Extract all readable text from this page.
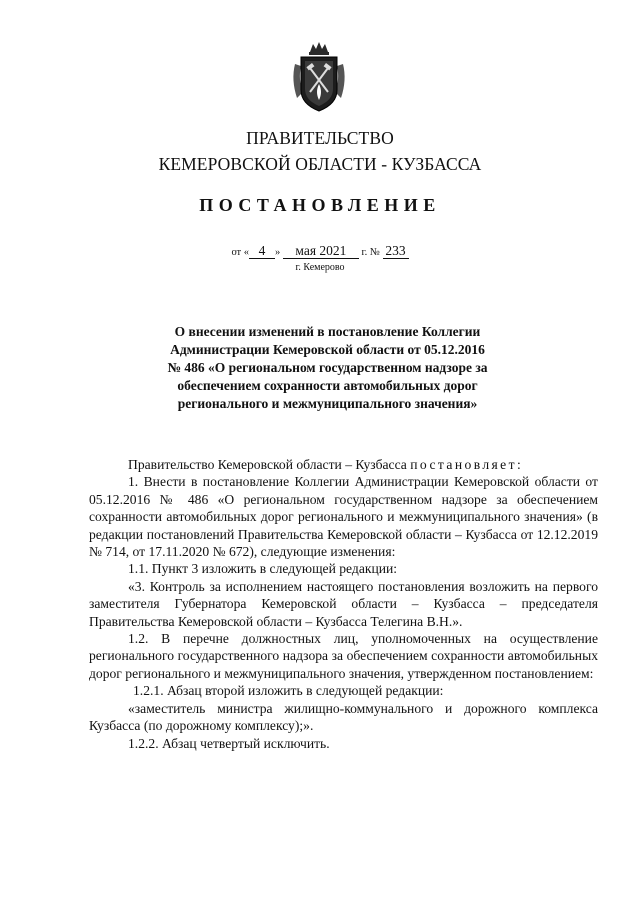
ПРАВИТЕЛЬСТВО
КЕМЕРОВСКОЙ ОБЛАСТИ - КУЗБАССА
ПОСТАНОВЛЕНИЕ
от « 4 » мая 2021 г. № 233
г. Кемерово
О внесении изменений в постановление Коллегии
Администрации Кемеровской области от 05.12.2016
№ 486 «О региональном государственном надзоре за
обеспечением сохранности автомобильных дорог
регионального и межмуниципального значения»

Правительство Кемеровской области – Кузбасса постановляет:

1. Внести в постановление Коллегии Администрации Кемеровской области от 05.12.2016 № 486 «О региональном государственном надзоре за обеспечением сохранности автомобильных дорог регионального и межмуниципального значения» (в редакции постановлений Правительства Кемеровской области – Кузбасса от 12.12.2019 № 714, от 17.11.2020 № 672), следующие изменения:

1.1. Пункт 3 изложить в следующей редакции:

«3. Контроль за исполнением настоящего постановления возложить на первого заместителя Губернатора Кемеровской области – Кузбасса – председателя Правительства Кемеровской области – Кузбасса Телегина В.Н.».

1.2. В перечне должностных лиц, уполномоченных на осуществление регионального государственного надзора за обеспечением сохранности автомобильных дорог регионального и межмуниципального значения, утвержденном постановлением:

1.2.1. Абзац второй изложить в следующей редакции:

«заместитель министра жилищно-коммунального и дорожного комплекса Кузбасса (по дорожному комплексу);».

1.2.2. Абзац четвертый исключить.
